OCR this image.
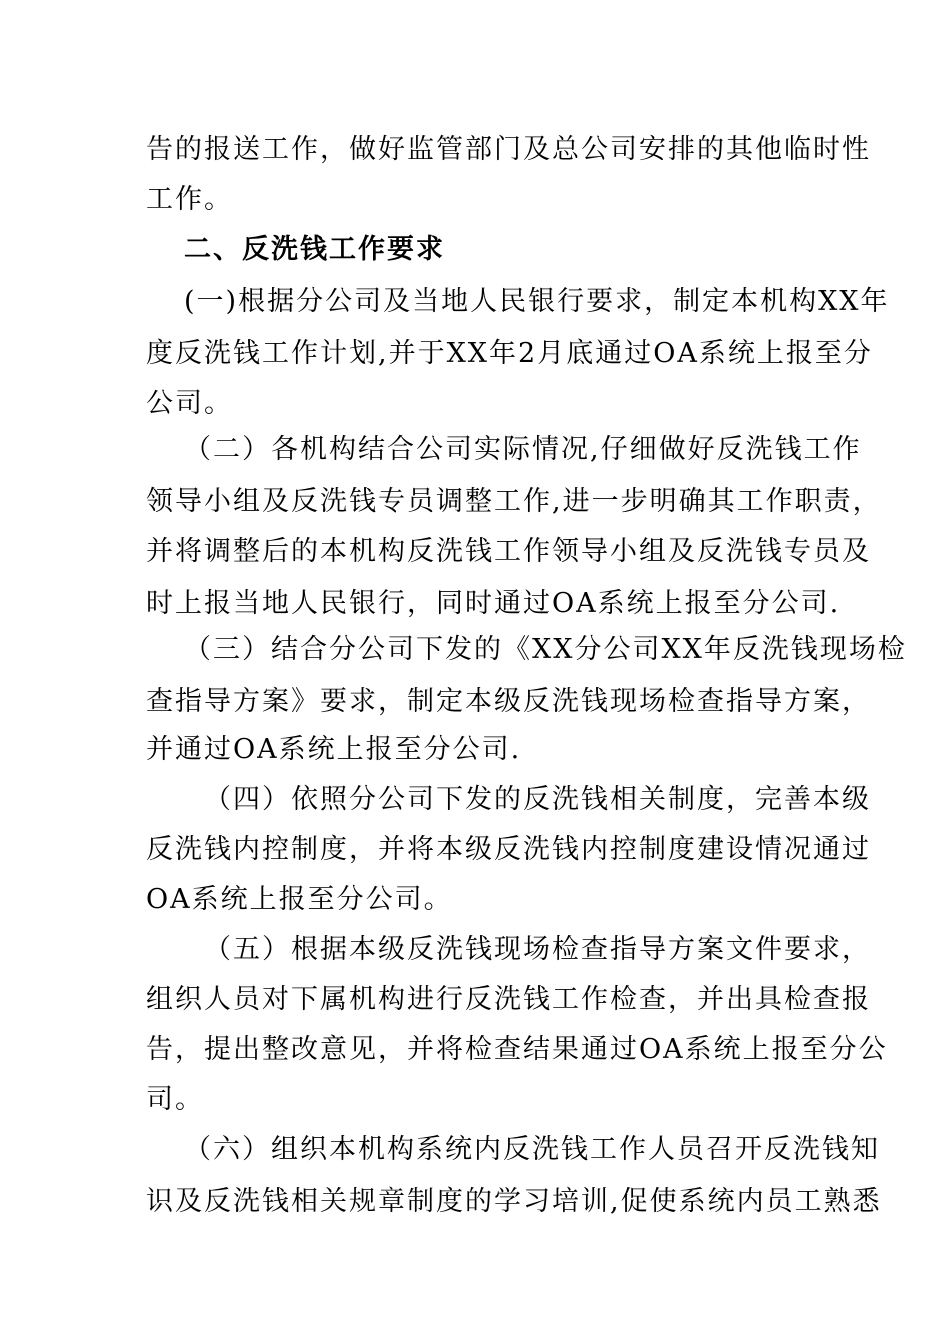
告的报送工作，做好监管部门及总公司安排的其他临时性
工作。
二、反洗钱工作要求
(一)根据分公司及当地人民银行要求，制定本机构XX年
度反洗钱工作计划,并于XX年2月底通过OA系统上报至分
公司。
（二）各机构结合公司实际情况,仔细做好反洗钱工作
领导小组及反洗钱专员调整工作,进一步明确其工作职责，
并将调整后的本机构反洗钱工作领导小组及反洗钱专员及
时上报当地人民银行，同时通过OA系统上报至分公司.
（三）结合分公司下发的《XX分公司XX年反洗钱现场检
查指导方案》要求，制定本级反洗钱现场检查指导方案，
并通过OA系统上报至分公司.
（四）依照分公司下发的反洗钱相关制度，完善本级
反洗钱内控制度，并将本级反洗钱内控制度建设情况通过
OA系统上报至分公司。
（五）根据本级反洗钱现场检查指导方案文件要求，
组织人员对下属机构进行反洗钱工作检查，并出具检查报
告，提出整改意见，并将检查结果通过OA系统上报至分公
司。
（六）组织本机构系统内反洗钱工作人员召开反洗钱知
识及反洗钱相关规章制度的学习培训,促使系统内员工熟悉
